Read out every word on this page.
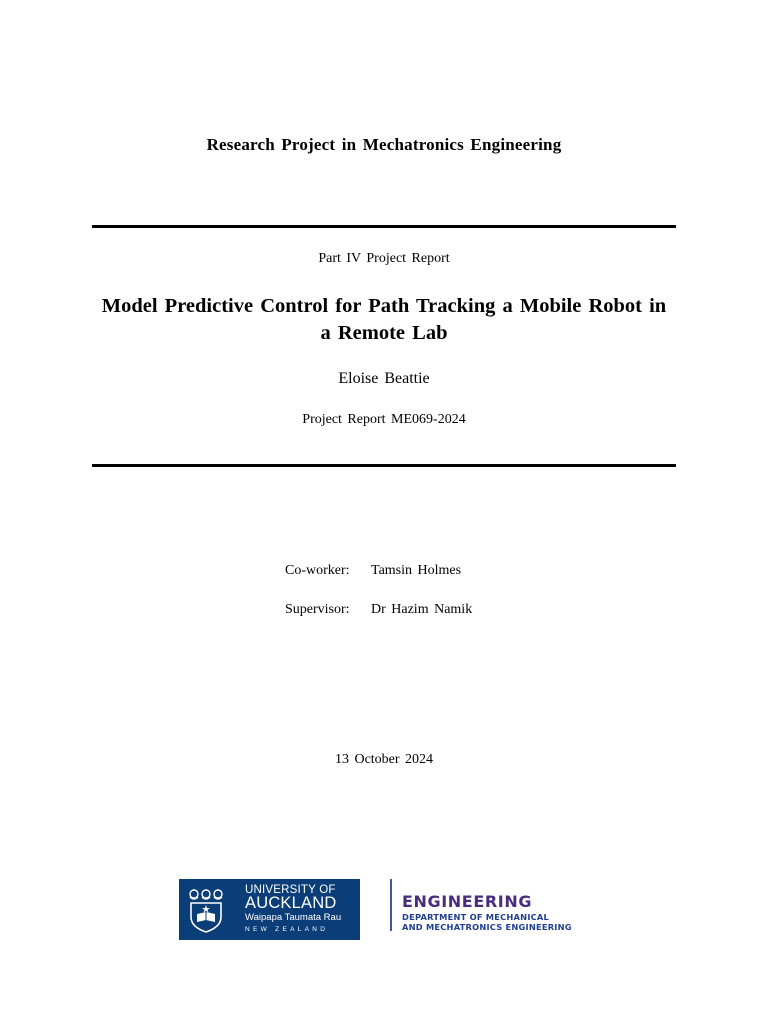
Research Project in Mechatronics Engineering
Part IV Project Report
Model Predictive Control for Path Tracking a Mobile Robot in a Remote Lab
Eloise Beattie
Project Report ME069-2024
Co-worker: Tamsin Holmes
Supervisor: Dr Hazim Namik
13 October 2024
UNIVERSITY OF
AUCKLAND
Waipapa Taumata Rau
NEW ZEALAND
ENGINEERING
DEPARTMENT OF MECHANICAL
AND MECHATRONICS ENGINEERING
